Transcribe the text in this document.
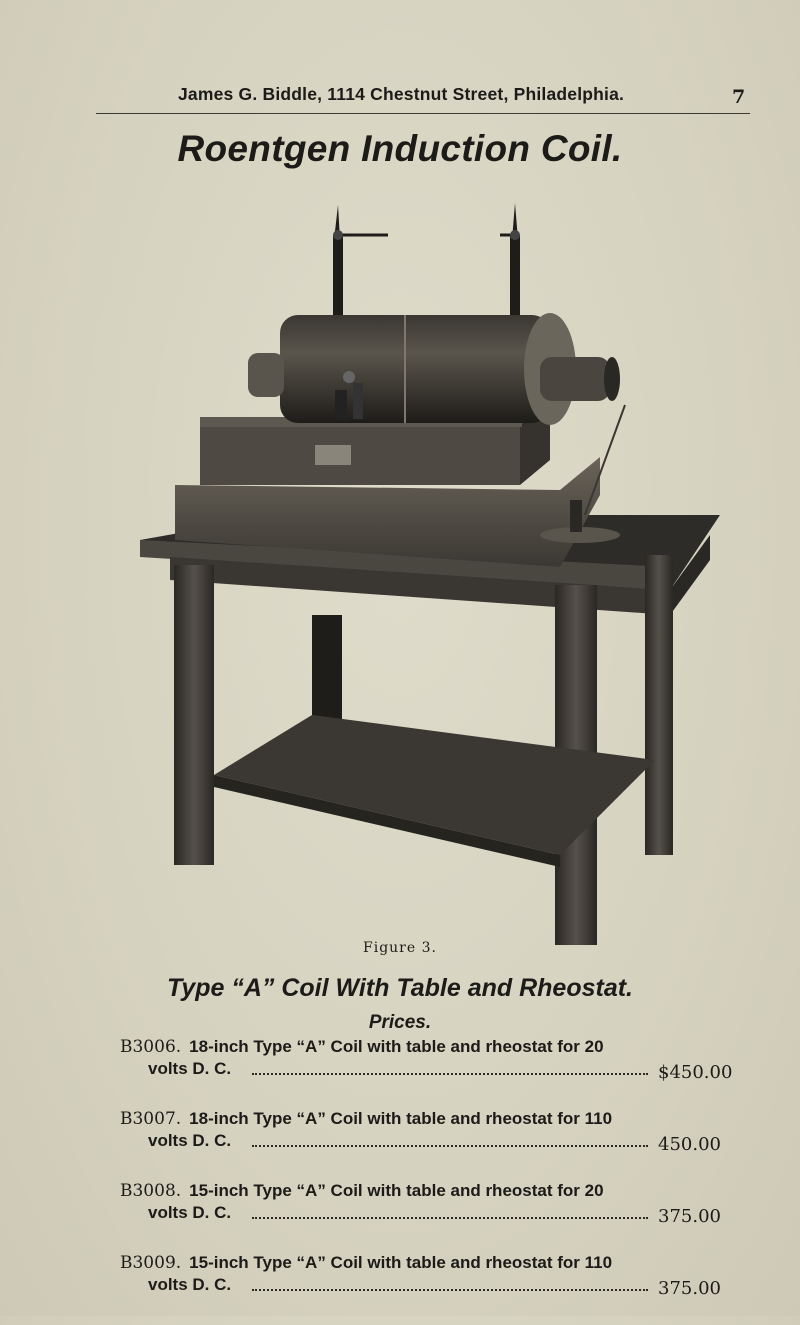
James G. Biddle, 1114 Chestnut Street, Philadelphia.	7
Roentgen Induction Coil.
Figure 3.
Type “A” Coil With Table and Rheostat.
Prices.
B3006. 18-inch Type “A” Coil with table and rheostat for 20
volts D. C.	$450.00
B3007. 18-inch Type “A” Coil with table and rheostat for 110
volts D. C.	450.00
B3008. 15-inch Type “A” Coil with table and rheostat for 20
volts D. C.	375.00
B3009. 15-inch Type “A” Coil with table and rheostat for 110
volts D. C.	375.00
